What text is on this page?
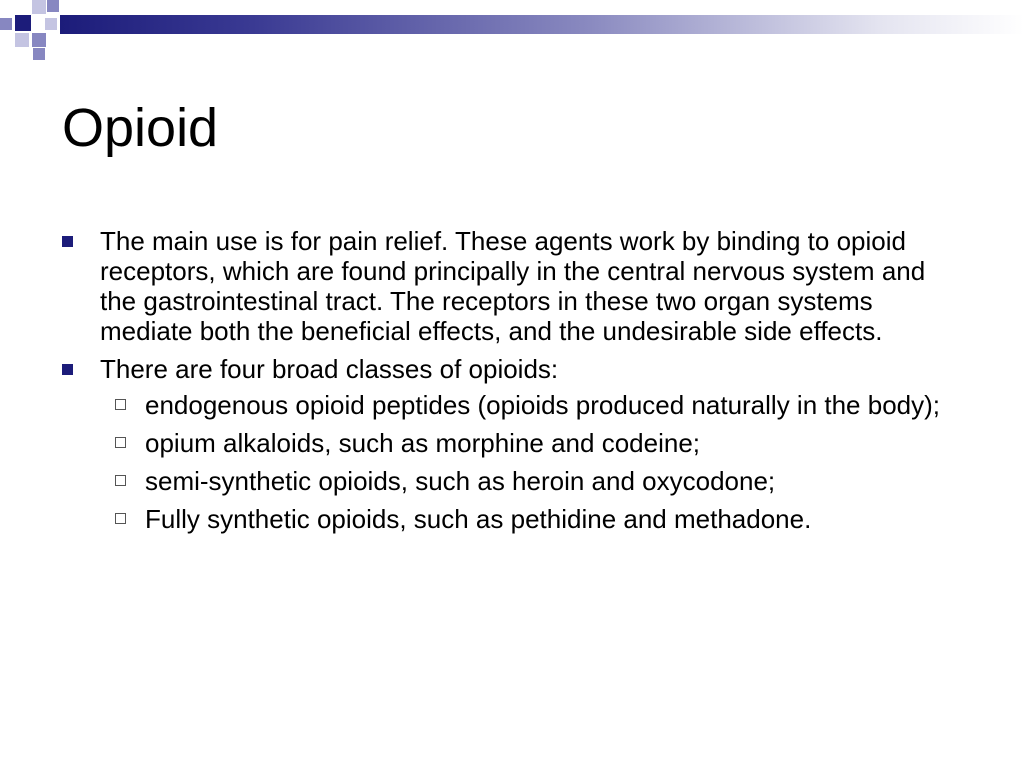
Opioid
The main use is for pain relief. These agents work by binding to opioid receptors, which are found principally in the central nervous system and the gastrointestinal tract. The receptors in these two organ systems mediate both the beneficial effects, and the undesirable side effects.
There are four broad classes of opioids:
endogenous opioid peptides (opioids produced naturally in the body);
opium alkaloids, such as morphine and codeine;
semi-synthetic opioids, such as heroin and oxycodone;
Fully synthetic opioids, such as pethidine and methadone.
